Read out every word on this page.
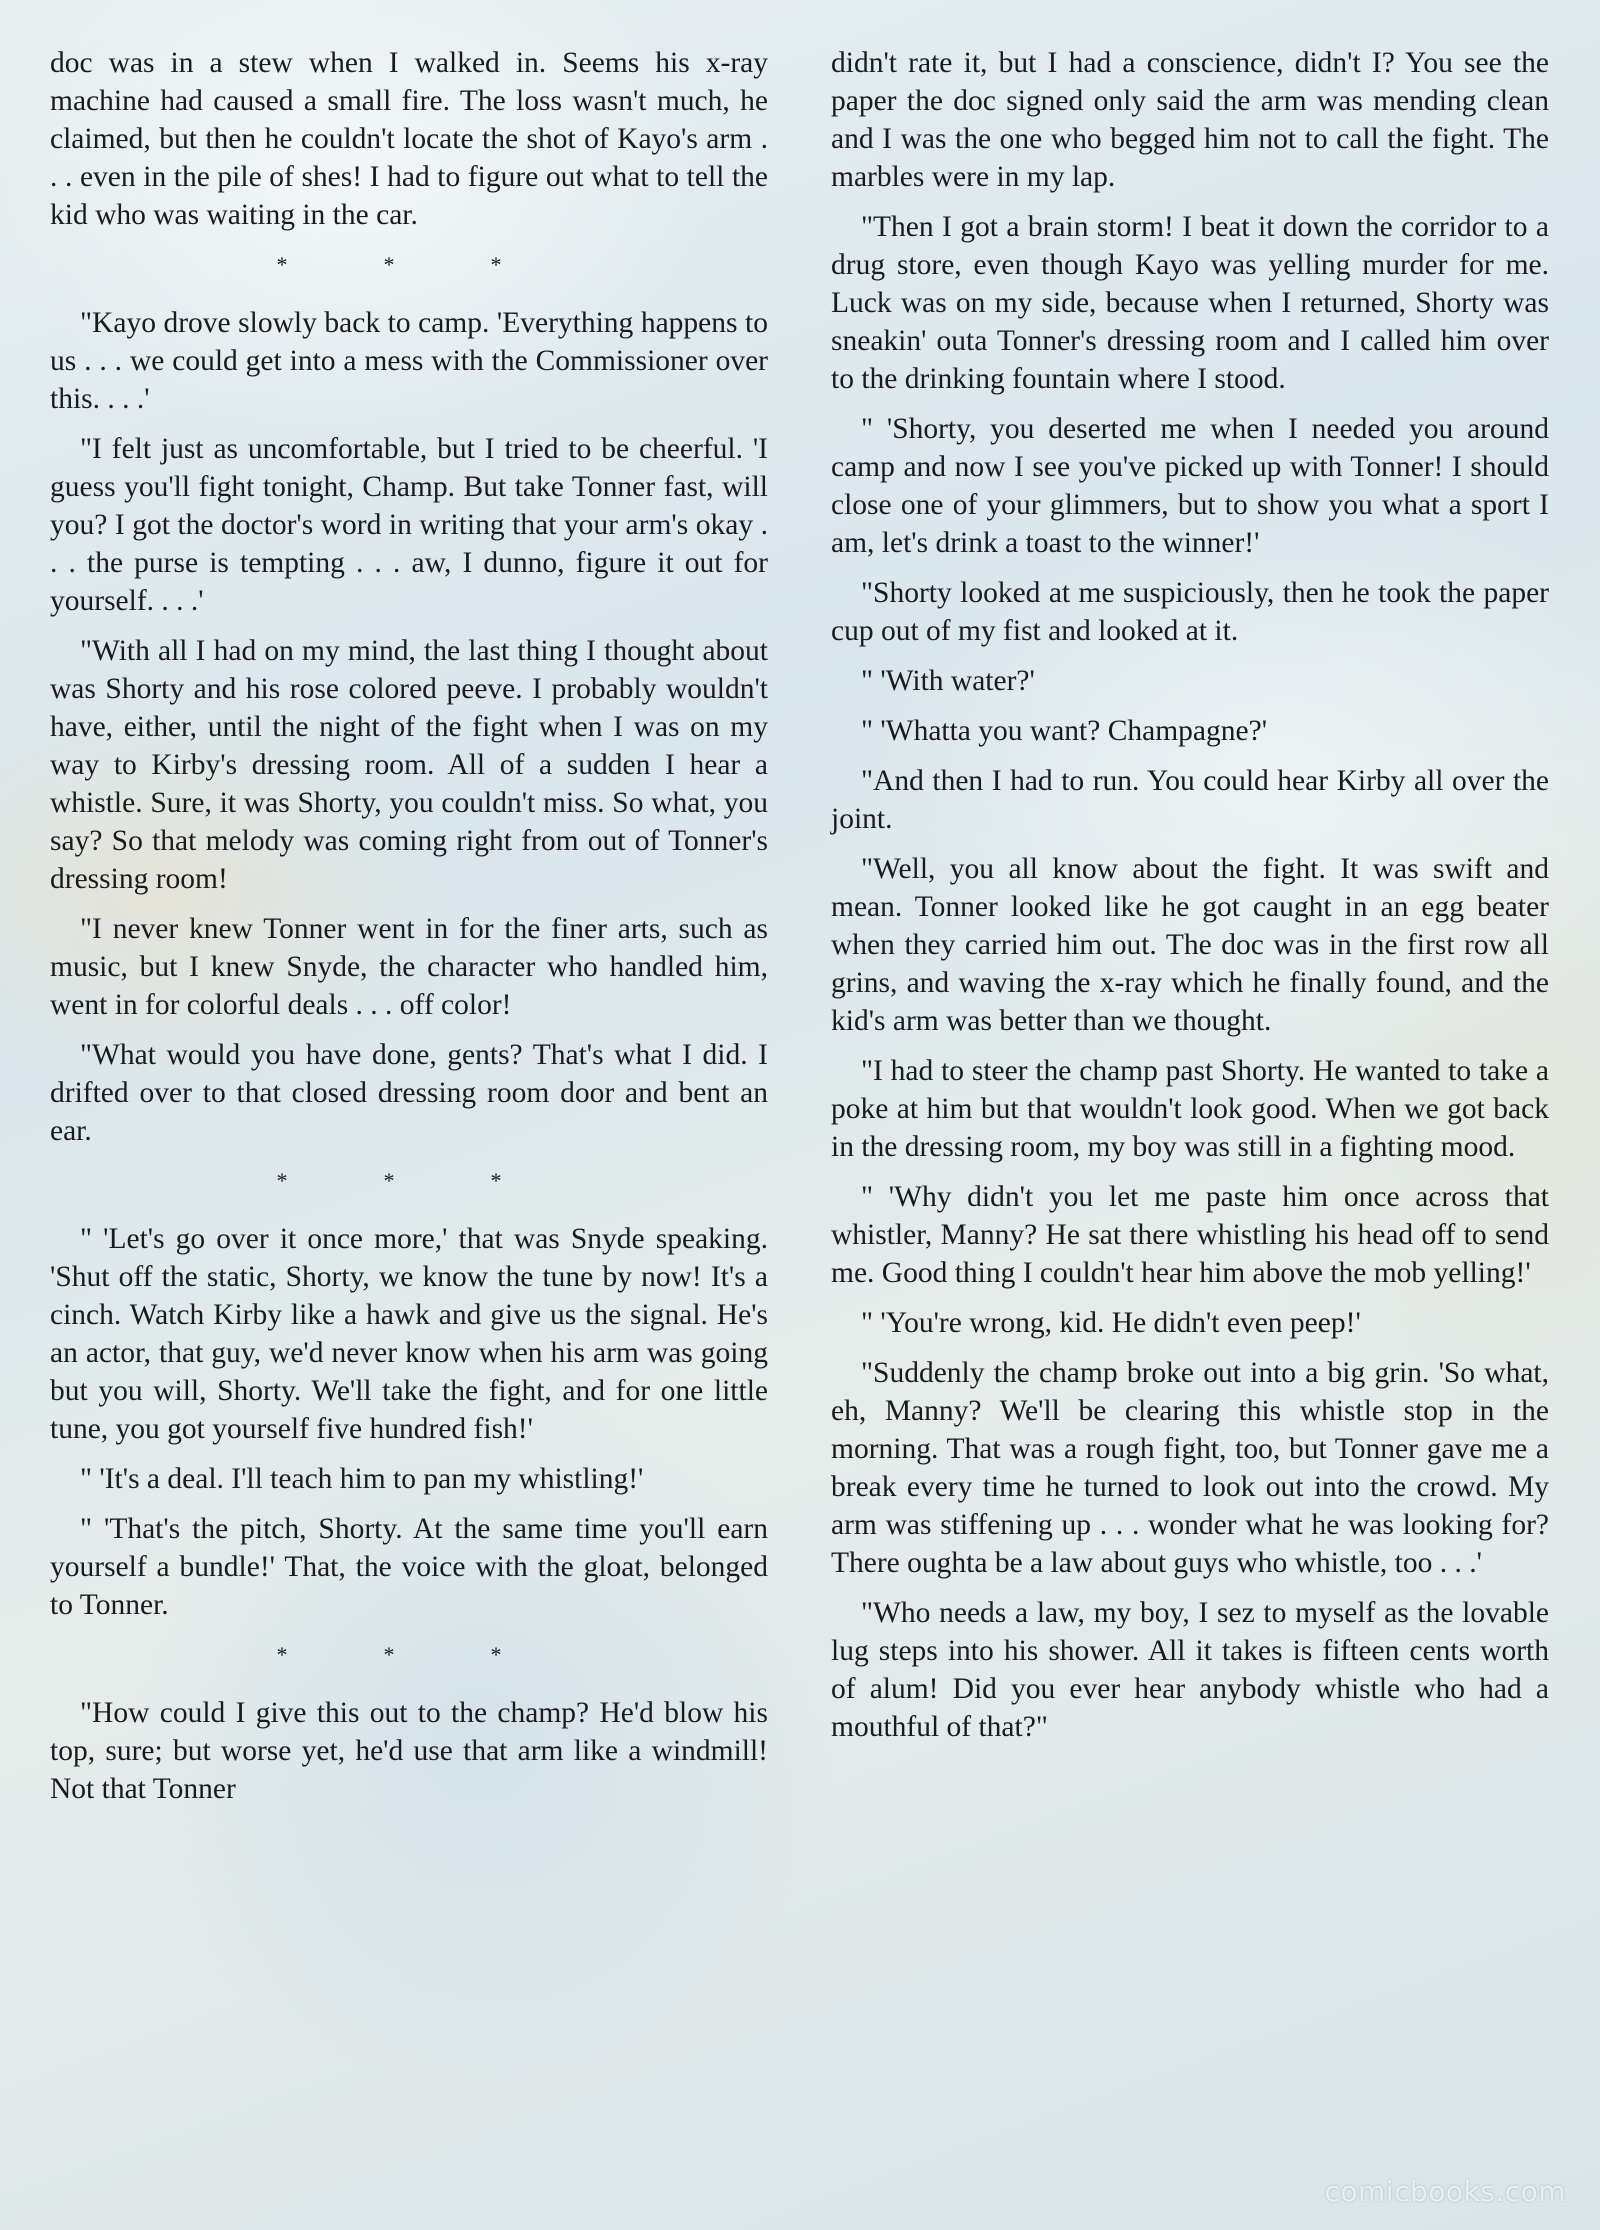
doc was in a stew when I walked in. Seems his x-ray machine had caused a small fire. The loss wasn't much, he claimed, but then he couldn't locate the shot of Kayo's arm . . . even in the pile of shes! I had to figure out what to tell the kid who was waiting in the car.

*	*	*

"Kayo drove slowly back to camp. 'Everything happens to us . . . we could get into a mess with the Commissioner over this. . . .'

"I felt just as uncomfortable, but I tried to be cheerful. 'I guess you'll fight tonight, Champ. But take Tonner fast, will you? I got the doctor's word in writing that your arm's okay . . . the purse is tempting . . . aw, I dunno, figure it out for yourself. . . .'

"With all I had on my mind, the last thing I thought about was Shorty and his rose colored peeve. I probably wouldn't have, either, until the night of the fight when I was on my way to Kirby's dressing room. All of a sudden I hear a whistle. Sure, it was Shorty, you couldn't miss. So what, you say? So that melody was coming right from out of Tonner's dressing room!

"I never knew Tonner went in for the finer arts, such as music, but I knew Snyde, the character who handled him, went in for colorful deals . . . off color!

"What would you have done, gents? That's what I did. I drifted over to that closed dressing room door and bent an ear.

*	*	*

" 'Let's go over it once more,' that was Snyde speaking. 'Shut off the static, Shorty, we know the tune by now! It's a cinch. Watch Kirby like a hawk and give us the signal. He's an actor, that guy, we'd never know when his arm was going but you will, Shorty. We'll take the fight, and for one little tune, you got yourself five hundred fish!'

" 'It's a deal. I'll teach him to pan my whistling!'

" 'That's the pitch, Shorty. At the same time you'll earn yourself a bundle!' That, the voice with the gloat, belonged to Tonner.

*	*	*

"How could I give this out to the champ? He'd blow his top, sure; but worse yet, he'd use that arm like a windmill! Not that Tonner

didn't rate it, but I had a conscience, didn't I? You see the paper the doc signed only said the arm was mending clean and I was the one who begged him not to call the fight. The marbles were in my lap.

"Then I got a brain storm! I beat it down the corridor to a drug store, even though Kayo was yelling murder for me. Luck was on my side, because when I returned, Shorty was sneakin' outa Tonner's dressing room and I called him over to the drinking fountain where I stood.

" 'Shorty, you deserted me when I needed you around camp and now I see you've picked up with Tonner! I should close one of your glimmers, but to show you what a sport I am, let's drink a toast to the winner!'

"Shorty looked at me suspiciously, then he took the paper cup out of my fist and looked at it.

" 'With water?'

" 'Whatta you want? Champagne?'

"And then I had to run. You could hear Kirby all over the joint.

"Well, you all know about the fight. It was swift and mean. Tonner looked like he got caught in an egg beater when they carried him out. The doc was in the first row all grins, and waving the x-ray which he finally found, and the kid's arm was better than we thought.

"I had to steer the champ past Shorty. He wanted to take a poke at him but that wouldn't look good. When we got back in the dressing room, my boy was still in a fighting mood.

" 'Why didn't you let me paste him once across that whistler, Manny? He sat there whistling his head off to send me. Good thing I couldn't hear him above the mob yelling!'

" 'You're wrong, kid. He didn't even peep!'

"Suddenly the champ broke out into a big grin. 'So what, eh, Manny? We'll be clearing this whistle stop in the morning. That was a rough fight, too, but Tonner gave me a break every time he turned to look out into the crowd. My arm was stiffening up . . . wonder what he was looking for? There oughta be a law about guys who whistle, too . . .'

"Who needs a law, my boy, I sez to myself as the lovable lug steps into his shower. All it takes is fifteen cents worth of alum! Did you ever hear anybody whistle who had a mouthful of that?"

comicbooks.com
